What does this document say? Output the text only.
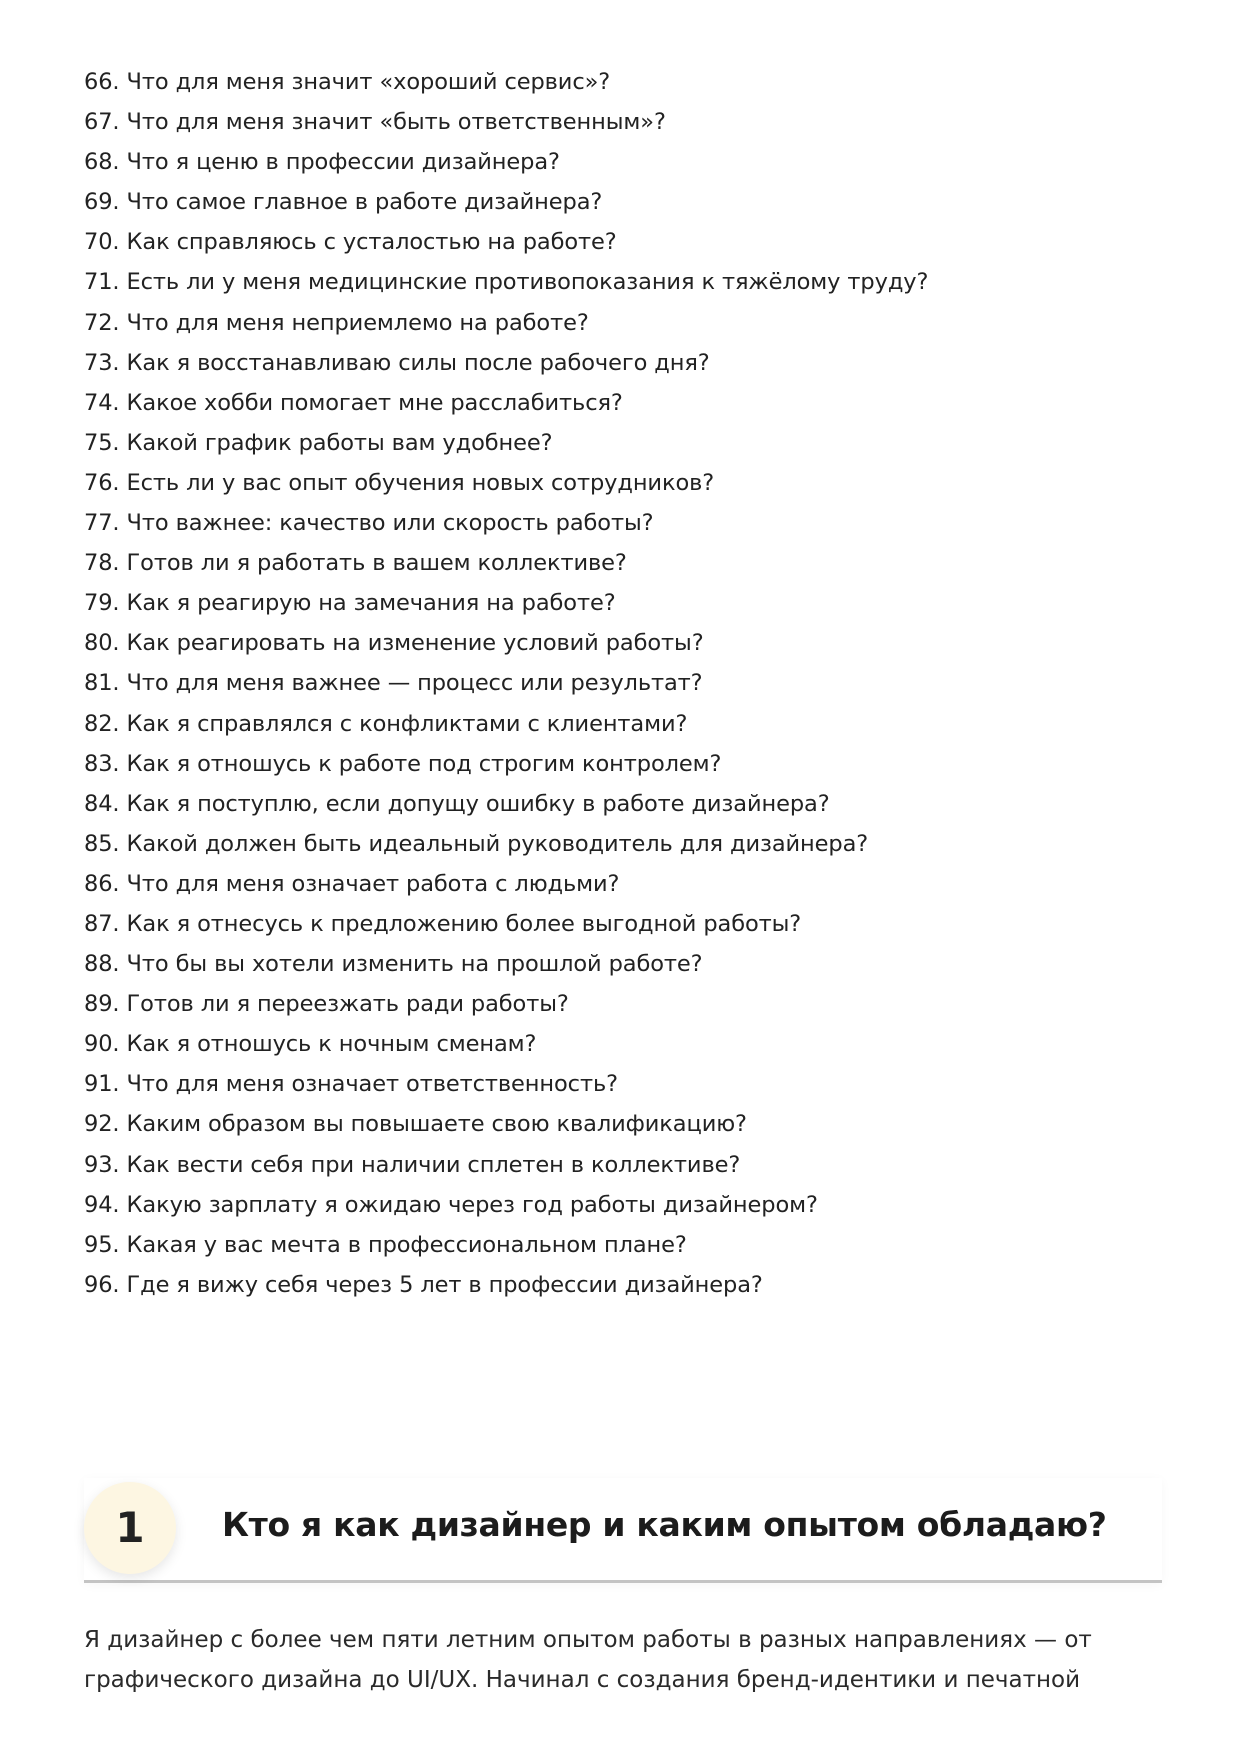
66. Что для меня значит «хороший сервис»?
67. Что для меня значит «быть ответственным»?
68. Что я ценю в профессии дизайнера?
69. Что самое главное в работе дизайнера?
70. Как справляюсь с усталостью на работе?
71. Есть ли у меня медицинские противопоказания к тяжёлому труду?
72. Что для меня неприемлемо на работе?
73. Как я восстанавливаю силы после рабочего дня?
74. Какое хобби помогает мне расслабиться?
75. Какой график работы вам удобнее?
76. Есть ли у вас опыт обучения новых сотрудников?
77. Что важнее: качество или скорость работы?
78. Готов ли я работать в вашем коллективе?
79. Как я реагирую на замечания на работе?
80. Как реагировать на изменение условий работы?
81. Что для меня важнее — процесс или результат?
82. Как я справлялся с конфликтами с клиентами?
83. Как я отношусь к работе под строгим контролем?
84. Как я поступлю, если допущу ошибку в работе дизайнера?
85. Какой должен быть идеальный руководитель для дизайнера?
86. Что для меня означает работа с людьми?
87. Как я отнесусь к предложению более выгодной работы?
88. Что бы вы хотели изменить на прошлой работе?
89. Готов ли я переезжать ради работы?
90. Как я отношусь к ночным сменам?
91. Что для меня означает ответственность?
92. Каким образом вы повышаете свою квалификацию?
93. Как вести себя при наличии сплетен в коллективе?
94. Какую зарплату я ожидаю через год работы дизайнером?
95. Какая у вас мечта в профессиональном плане?
96. Где я вижу себя через 5 лет в профессии дизайнера?
1	Кто я как дизайнер и каким опытом обладаю?

Я дизайнер с более чем пяти летним опытом работы в разных направлениях — от
графического дизайна до UI/UX. Начинал с создания бренд-идентики и печатной
